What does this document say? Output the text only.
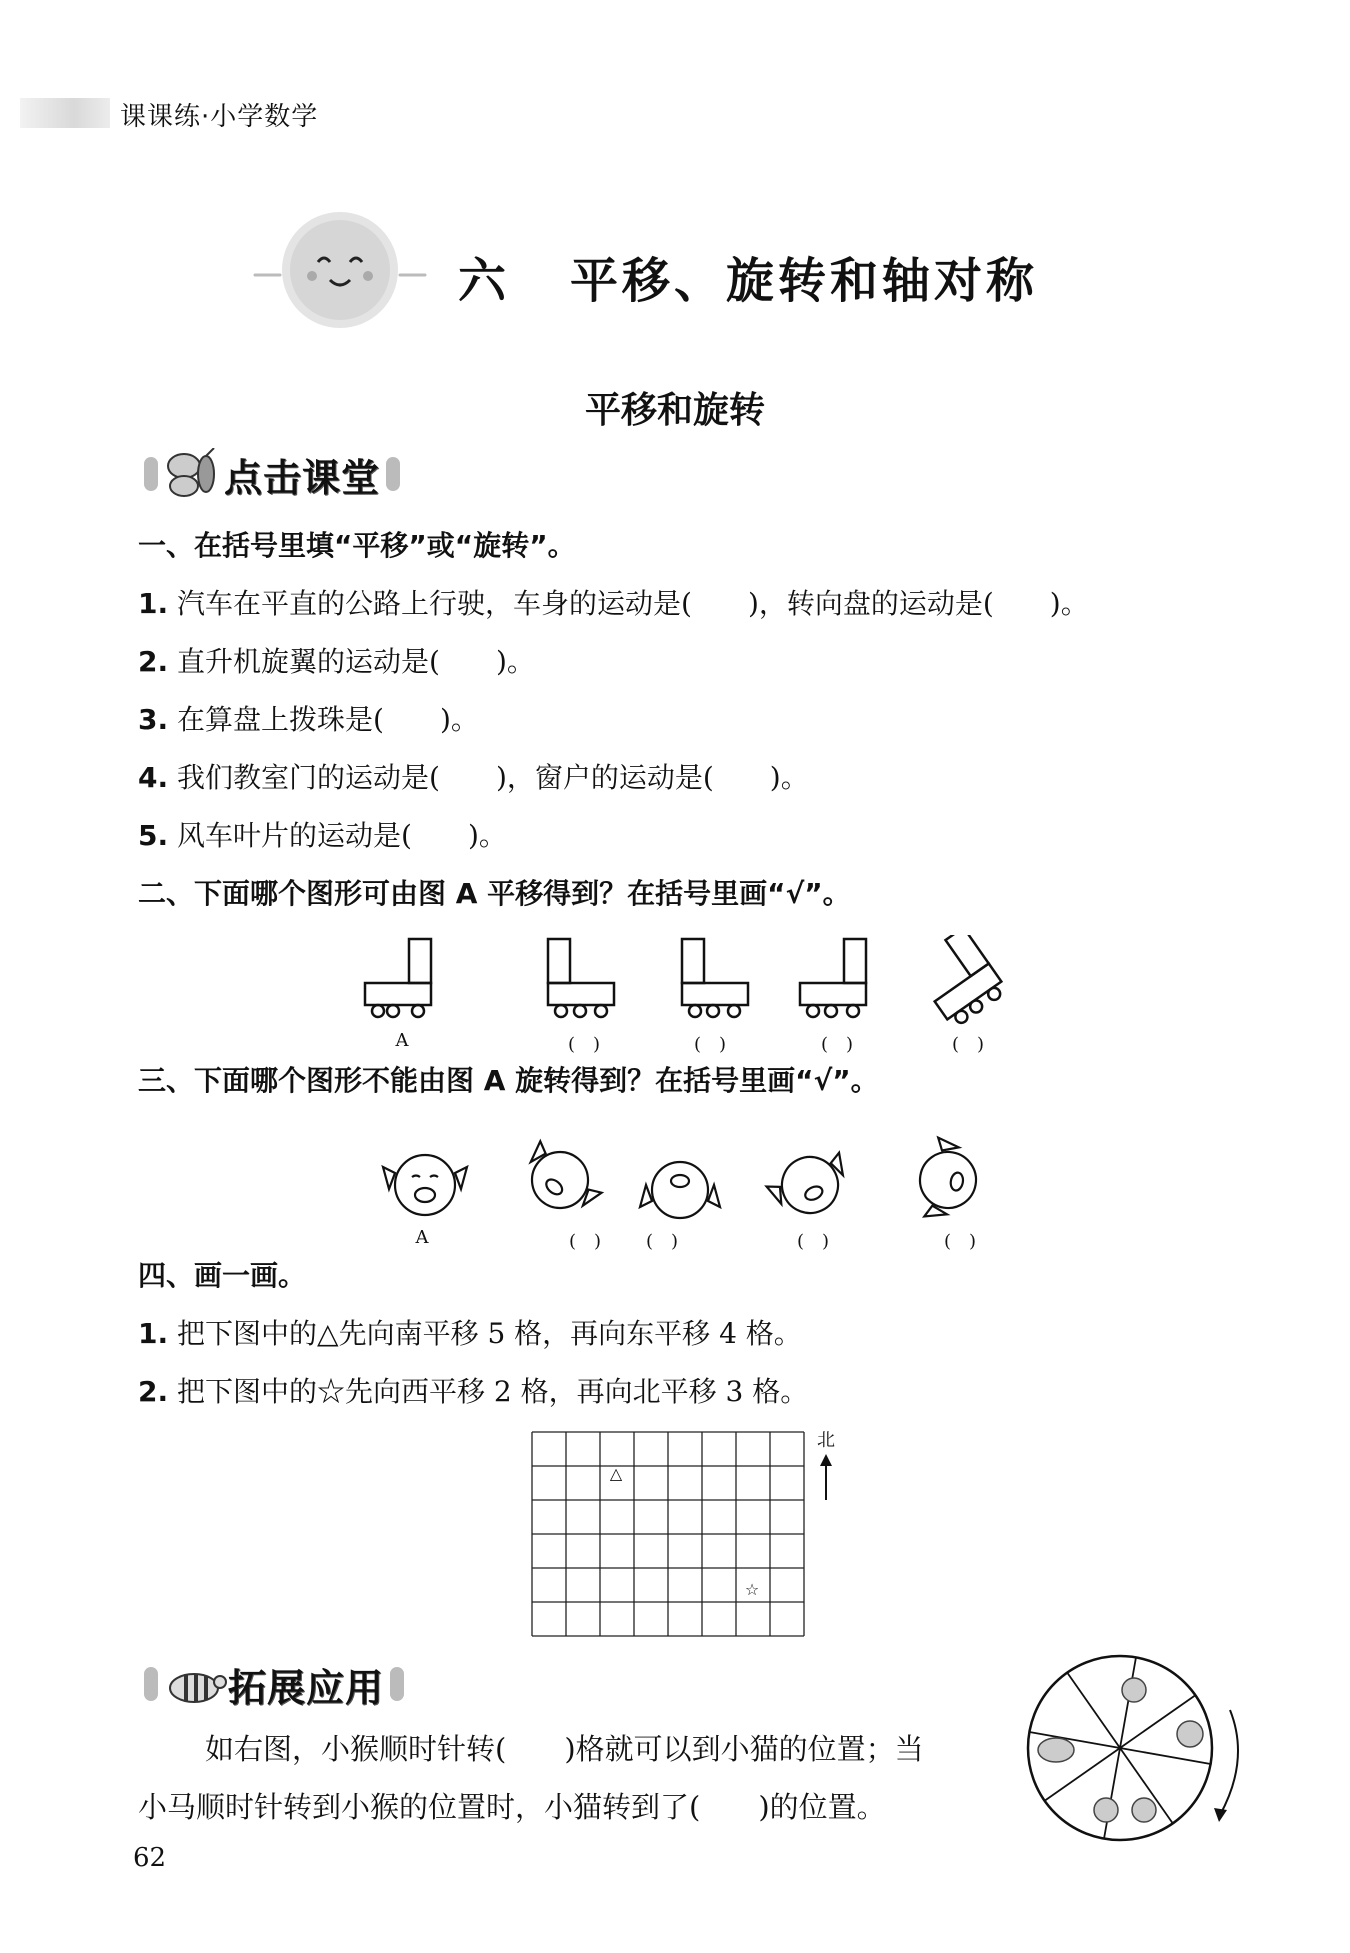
课课练·小学数学
六 平移、旋转和轴对称
平移和旋转
点击课堂
一、在括号里填“平移”或“旋转”。
1. 汽车在平直的公路上行驶，车身的运动是(　　)，转向盘的运动是(　　)。
2. 直升机旋翼的运动是(　　)。
3. 在算盘上拨珠是(　　)。
4. 我们教室门的运动是(　　)，窗户的运动是(　　)。
5. 风车叶片的运动是(　　)。
二、下面哪个图形可由图 A 平移得到？在括号里画“√”。
A	(　)	(　)	(　)	(　)
三、下面哪个图形不能由图 A 旋转得到？在括号里画“√”。
A	(　)	(　)	(　)	(　)
四、画一画。
1. 把下图中的△先向南平移 5 格，再向东平移 4 格。
2. 把下图中的☆先向西平移 2 格，再向北平移 3 格。
△
☆
北
拓展应用
如右图，小猴顺时针转(　　)格就可以到小猫的位置；当
小马顺时针转到小猴的位置时，小猫转到了(　　)的位置。
62
